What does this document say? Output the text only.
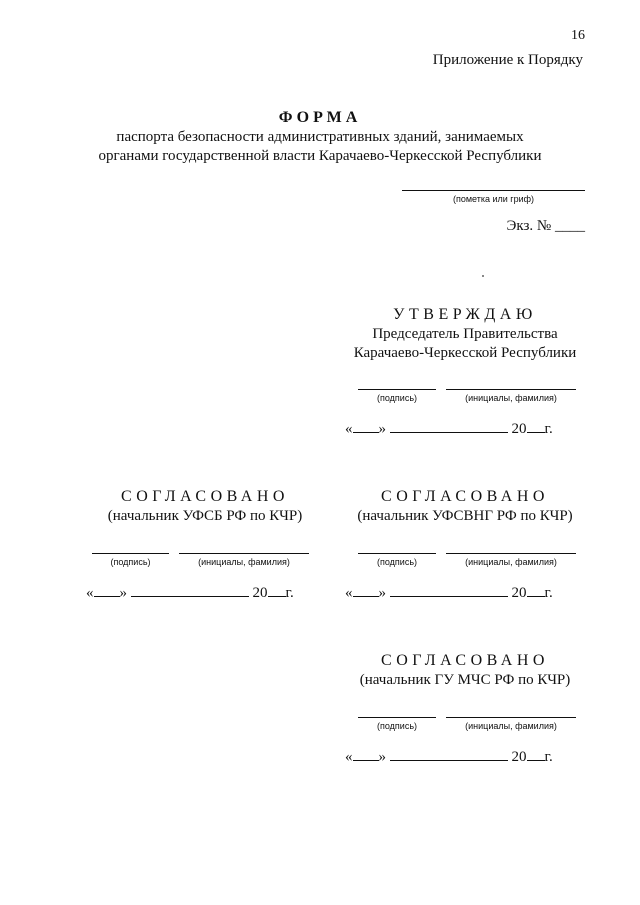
16
Приложение к Порядку
ФОРМА
паспорта безопасности административных зданий, занимаемых
органами государственной власти Карачаево-Черкесской Республики
(пометка или гриф)
Экз. № ____
УТВЕРЖДАЮ
Председатель Правительства
Карачаево-Черкесской Республики
(подпись)	(инициалы, фамилия)
« »	20 г.
СОГЛАСОВАНО
(начальник УФСБ РФ по КЧР)
(подпись)	(инициалы, фамилия)
« »	20 г.
СОГЛАСОВАНО
(начальник УФСВНГ РФ по КЧР)
(подпись)	(инициалы, фамилия)
« »	20 г.
СОГЛАСОВАНО
(начальник ГУ МЧС РФ по КЧР)
(подпись)	(инициалы, фамилия)
« »	20 г.
